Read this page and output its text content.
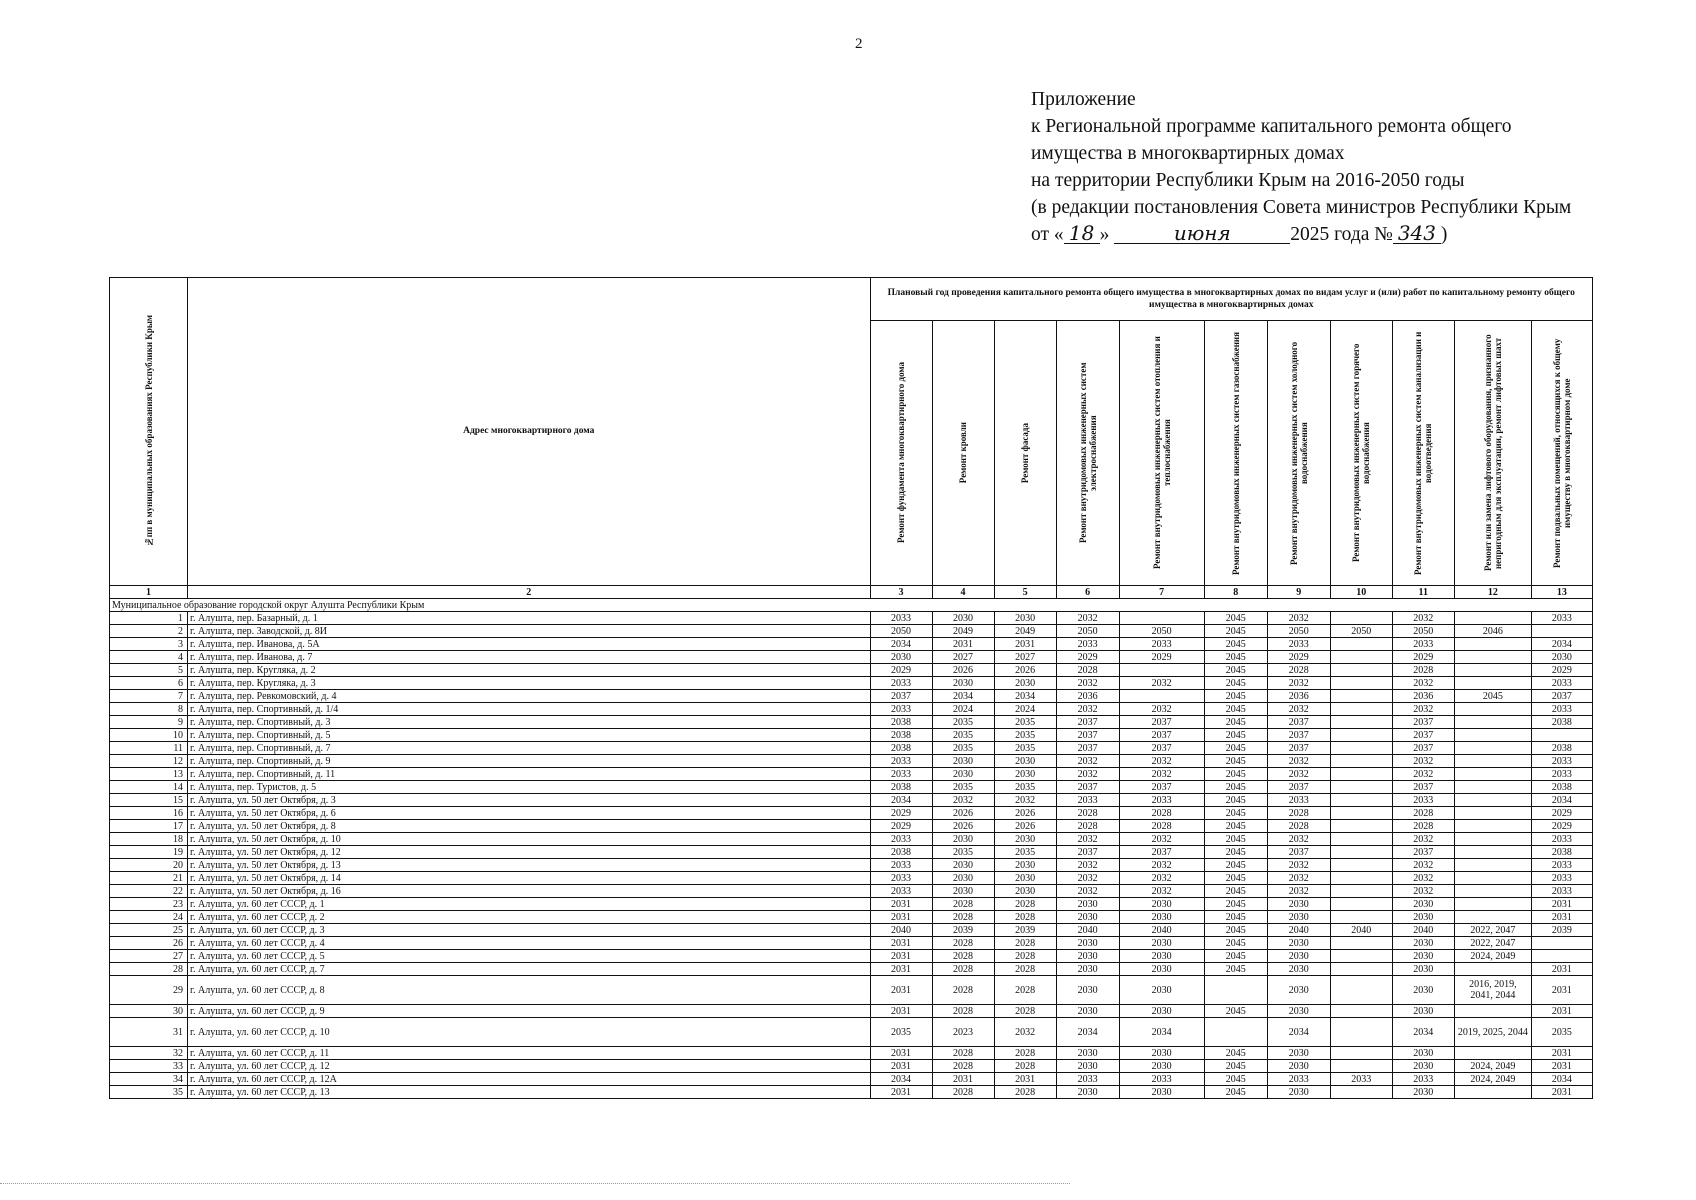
2
Приложение
к Региональной программе капитального ремонта общего
имущества в многоквартирных домах
на территории Республики Крым на 2016-2050 годы
(в редакции постановления Совета министров Республики Крым
от « 18 »	июня	2025 года № 343 )
№пп в муниципальных образованиях Республики Крым	Адрес многоквартирного дома	Плановый год проведения капитального ремонта общего имущества в многоквартирных домах по видам услуг и (или) работ по капитальному ремонту общего имущества в многоквартирных домах										

		Ремонт фундамента многоквартирного дома	Ремонт кровли	Ремонт фасада	Ремонт внутридомовых инженерных систем электроснабжения	Ремонт внутридомовых инженерных систем отопления и теплоснабжения	Ремонт внутридомовых инженерных систем газоснабжения	Ремонт внутридомовых инженерных систем холодного водоснабжения	Ремонт внутридомовых инженерных систем горячего водоснабжения	Ремонт внутридомовых инженерных систем канализации и водоотведения	Ремонт или замена лифтового оборудования, признанного непригодным для эксплуатации, ремонт лифтовых шахт	Ремонт подвальных помещений, относящихся к общему имуществу в многоквартирном доме

1	2	3	4	5	6	7	8	9	10	11	12	13
Муниципальное образование городской округ Алушта Республики Крым												
1	г. Алушта, пер. Базарный, д. 1	2033	2030	2030	2032		2045	2032		2032		2033
2	г. Алушта, пер. Заводской, д. 8И	2050	2049	2049	2050	2050	2045	2050	2050	2050	2046	
3	г. Алушта, пер. Иванова, д. 5А	2034	2031	2031	2033	2033	2045	2033		2033		2034
4	г. Алушта, пер. Иванова, д. 7	2030	2027	2027	2029	2029	2045	2029		2029		2030
5	г. Алушта, пер. Кругляка, д. 2	2029	2026	2026	2028		2045	2028		2028		2029
6	г. Алушта, пер. Кругляка, д. 3	2033	2030	2030	2032	2032	2045	2032		2032		2033
7	г. Алушта, пер. Ревкомовский, д. 4	2037	2034	2034	2036		2045	2036		2036	2045	2037
8	г. Алушта, пер. Спортивный, д. 1/4	2033	2024	2024	2032	2032	2045	2032		2032		2033
9	г. Алушта, пер. Спортивный, д. 3	2038	2035	2035	2037	2037	2045	2037		2037		2038
10	г. Алушта, пер. Спортивный, д. 5	2038	2035	2035	2037	2037	2045	2037		2037		
11	г. Алушта, пер. Спортивный, д. 7	2038	2035	2035	2037	2037	2045	2037		2037		2038
12	г. Алушта, пер. Спортивный, д. 9	2033	2030	2030	2032	2032	2045	2032		2032		2033
13	г. Алушта, пер. Спортивный, д. 11	2033	2030	2030	2032	2032	2045	2032		2032		2033
14	г. Алушта, пер. Туристов, д. 5	2038	2035	2035	2037	2037	2045	2037		2037		2038
15	г. Алушта, ул. 50 лет Октября, д. 3	2034	2032	2032	2033	2033	2045	2033		2033		2034
16	г. Алушта, ул. 50 лет Октября, д. 6	2029	2026	2026	2028	2028	2045	2028		2028		2029
17	г. Алушта, ул. 50 лет Октября, д. 8	2029	2026	2026	2028	2028	2045	2028		2028		2029
18	г. Алушта, ул. 50 лет Октября, д. 10	2033	2030	2030	2032	2032	2045	2032		2032		2033
19	г. Алушта, ул. 50 лет Октября, д. 12	2038	2035	2035	2037	2037	2045	2037		2037		2038
20	г. Алушта, ул. 50 лет Октября, д. 13	2033	2030	2030	2032	2032	2045	2032		2032		2033
21	г. Алушта, ул. 50 лет Октября, д. 14	2033	2030	2030	2032	2032	2045	2032		2032		2033
22	г. Алушта, ул. 50 лет Октября, д. 16	2033	2030	2030	2032	2032	2045	2032		2032		2033
23	г. Алушта, ул. 60 лет СССР, д. 1	2031	2028	2028	2030	2030	2045	2030		2030		2031
24	г. Алушта, ул. 60 лет СССР, д. 2	2031	2028	2028	2030	2030	2045	2030		2030		2031
25	г. Алушта, ул. 60 лет СССР, д. 3	2040	2039	2039	2040	2040	2045	2040	2040	2040	2022, 2047	2039
26	г. Алушта, ул. 60 лет СССР, д. 4	2031	2028	2028	2030	2030	2045	2030		2030	2022, 2047	
27	г. Алушта, ул. 60 лет СССР, д. 5	2031	2028	2028	2030	2030	2045	2030		2030	2024, 2049	
28	г. Алушта, ул. 60 лет СССР, д. 7	2031	2028	2028	2030	2030	2045	2030		2030		2031
29	г. Алушта, ул. 60 лет СССР, д. 8	2031	2028	2028	2030	2030		2030		2030	2016, 2019, 2041, 2044	2031
30	г. Алушта, ул. 60 лет СССР, д. 9	2031	2028	2028	2030	2030	2045	2030		2030		2031
31	г. Алушта, ул. 60 лет СССР, д. 10	2035	2023	2032	2034	2034		2034		2034	2019, 2025, 2044	2035
32	г. Алушта, ул. 60 лет СССР, д. 11	2031	2028	2028	2030	2030	2045	2030		2030		2031
33	г. Алушта, ул. 60 лет СССР, д. 12	2031	2028	2028	2030	2030	2045	2030		2030	2024, 2049	2031
34	г. Алушта, ул. 60 лет СССР, д. 12А	2034	2031	2031	2033	2033	2045	2033	2033	2033	2024, 2049	2034
35	г. Алушта, ул. 60 лет СССР, д. 13	2031	2028	2028	2030	2030	2045	2030		2030		2031
